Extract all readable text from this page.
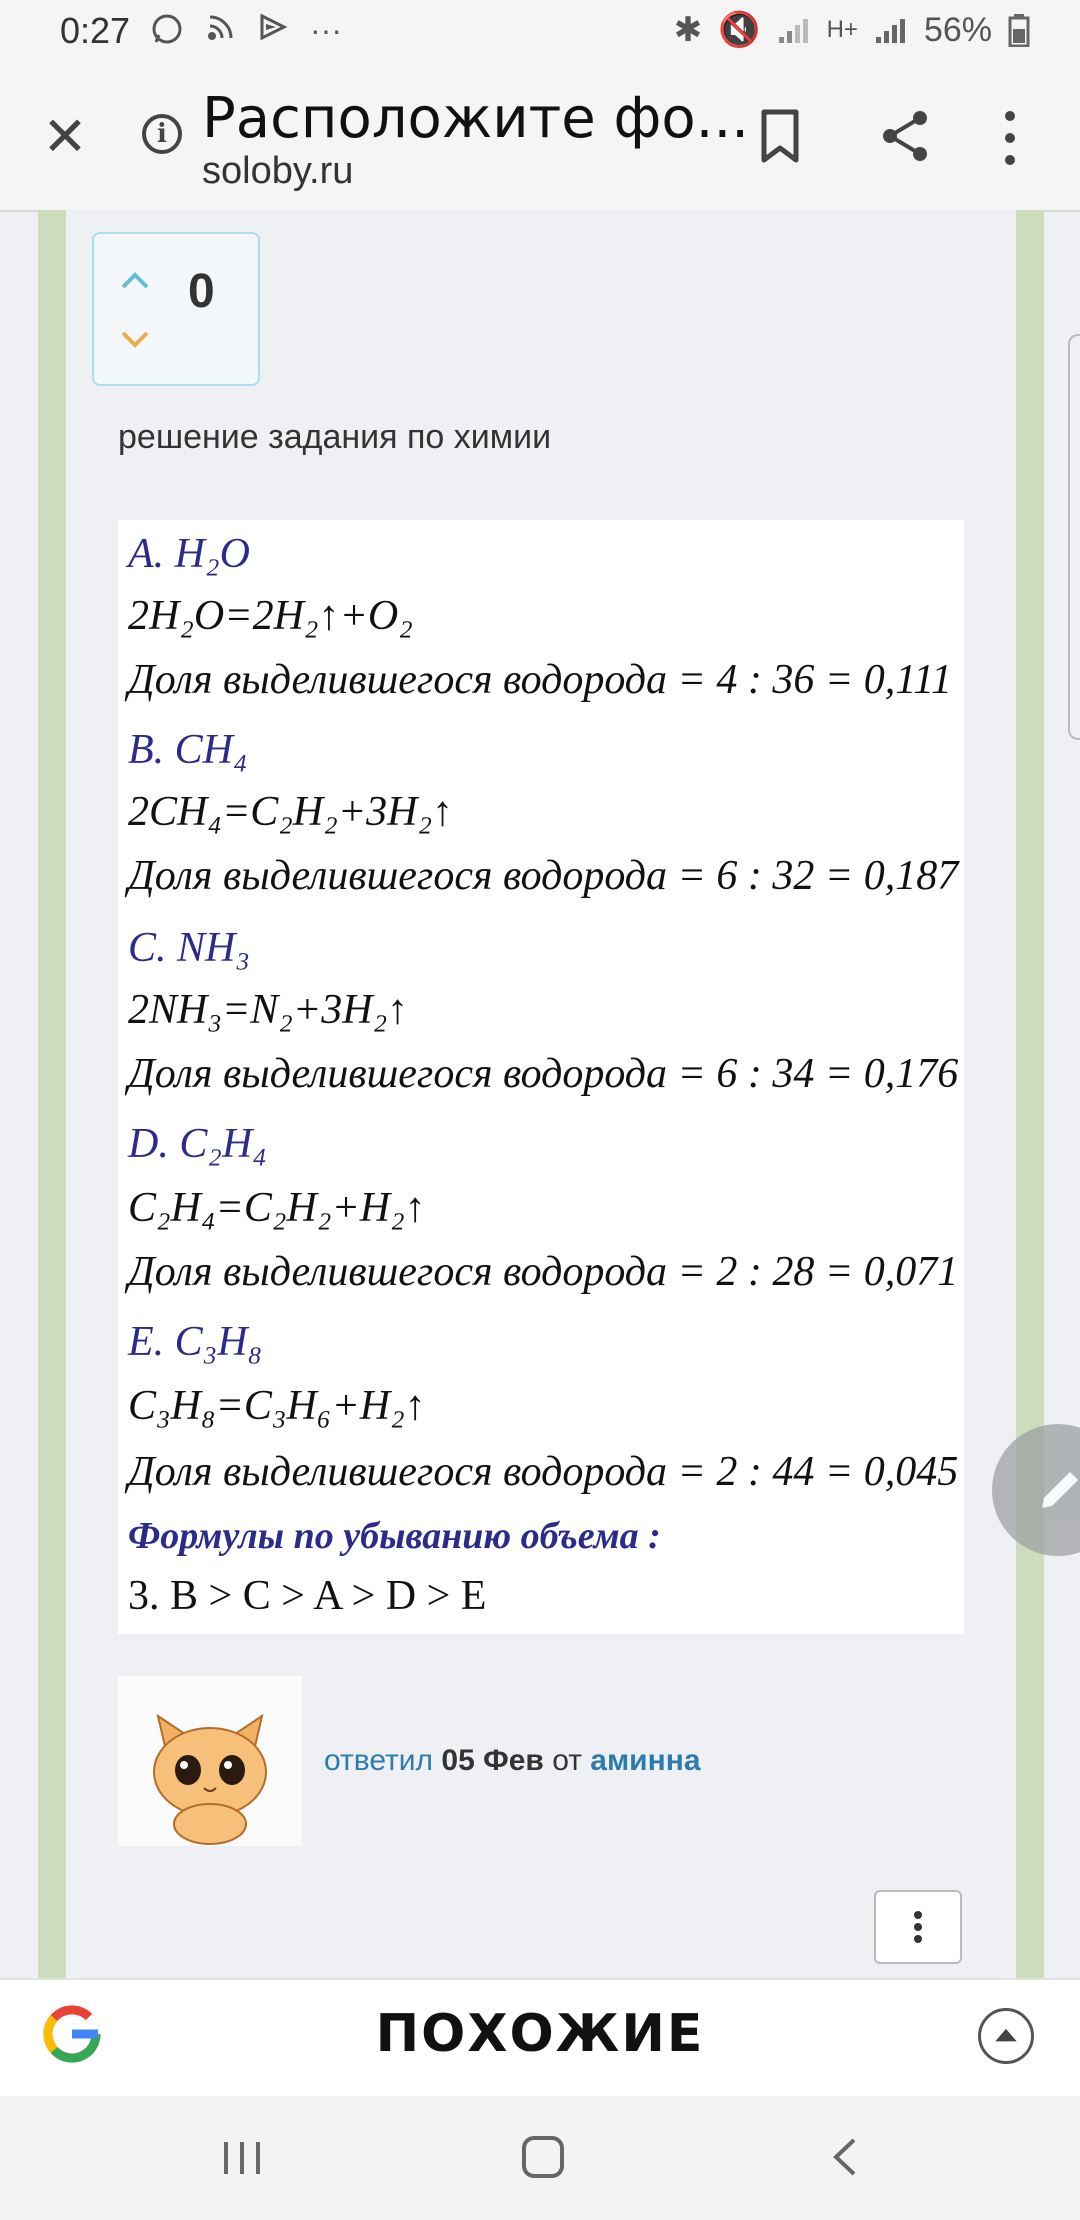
0:27	···	✱ 🔇	H+ 56%
✕	i Расположите фо...
soloby.ru
0
решение задания по химии
A. H₂O
2H₂O=2H₂↑+O₂
Доля выделившегося водорода = 4 : 36 = 0,111
B. CH₄
2CH₄=C₂H₂+3H₂↑
Доля выделившегося водорода = 6 : 32 = 0,187
C. NH₃
2NH₃=N₂+3H₂↑
Доля выделившегося водорода = 6 : 34 = 0,176
D. C₂H₄
C₂H₄=C₂H₂+H₂↑
Доля выделившегося водорода = 2 : 28 = 0,071
E. C₃H₈
C₃H₈=C₃H₆+H₂↑
Доля выделившегося водорода = 2 : 44 = 0,045
Формулы по убыванию объема :
3. B > C > A > D > E
ответил 05 Фев от аминна
ПОХОЖИЕ
